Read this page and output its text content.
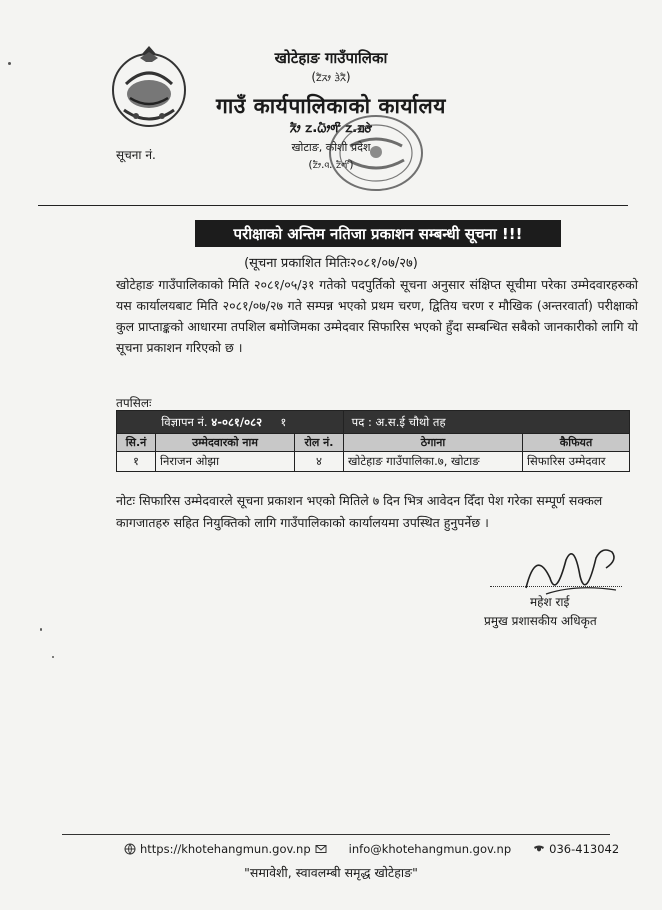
खोटेहाङ गाउँपालिका
(ᤁᤠᤖᤣ ᤋᤧᤖᤠ)
गाउँ कार्यपालिकाको कार्यालय
ᤖᤥ ᤁ.ᤐᤥᤛᤡ ᤁ.ᤀᤅᤧ
खोटाङ, कोशी प्रदेश
(ᤁᤥ.ᤚ. ᤁᤠᤛᤡ)
सूचना नं.
परीक्षाको अन्तिम नतिजा प्रकाशन सम्बन्धी सूचना !!!
(सूचना प्रकाशित मितिः२०८१/०७/२७)
खोटेहाङ गाउँपालिकाको मिति २०८१/०५/३१ गतेको पदपुर्तिको सूचना अनुसार संक्षिप्त सूचीमा परेका उम्मेदवारहरुको यस कार्यालयबाट मिति २०८१/०७/२७ गते सम्पन्न भएको प्रथम चरण, द्वितिय चरण र मौखिक (अन्तरवार्ता) परीक्षाको कुल प्राप्ताङ्कको आधारमा तपशिल बमोजिमका उम्मेदवार सिफारिस भएको हुँदा सम्बन्धित सबैको जानकारीको लागि यो सूचना प्रकाशन गरिएको छ ।
तपसिलः
विज्ञापन नं. ४-०८१/०८२ १			पद : अ.स.ई चौथो तह	
सि.नं	उम्मेदवारको नाम	रोल नं.	ठेगाना	कैफियत
१	निराजन ओझा	४	खोटेहाङ गाउँपालिका.७, खोटाङ	सिफारिस उम्मेदवार
नोटः सिफारिस उम्मेदवारले सूचना प्रकाशन भएको मितिले ७ दिन भित्र आवेदन दिँदा पेश गरेका सम्पूर्ण सक्कल कागजातहरु सहित नियुक्तिको लागि गाउँपालिकाको कार्यालयमा उपस्थित हुनुपर्नेछ ।
महेश राई
प्रमुख प्रशासकीय अधिकृत
https://khotehangmun.gov.np	info@khotehangmun.gov.np	036-413042
"समावेशी, स्वावलम्बी समृद्ध खोटेहाङ"
